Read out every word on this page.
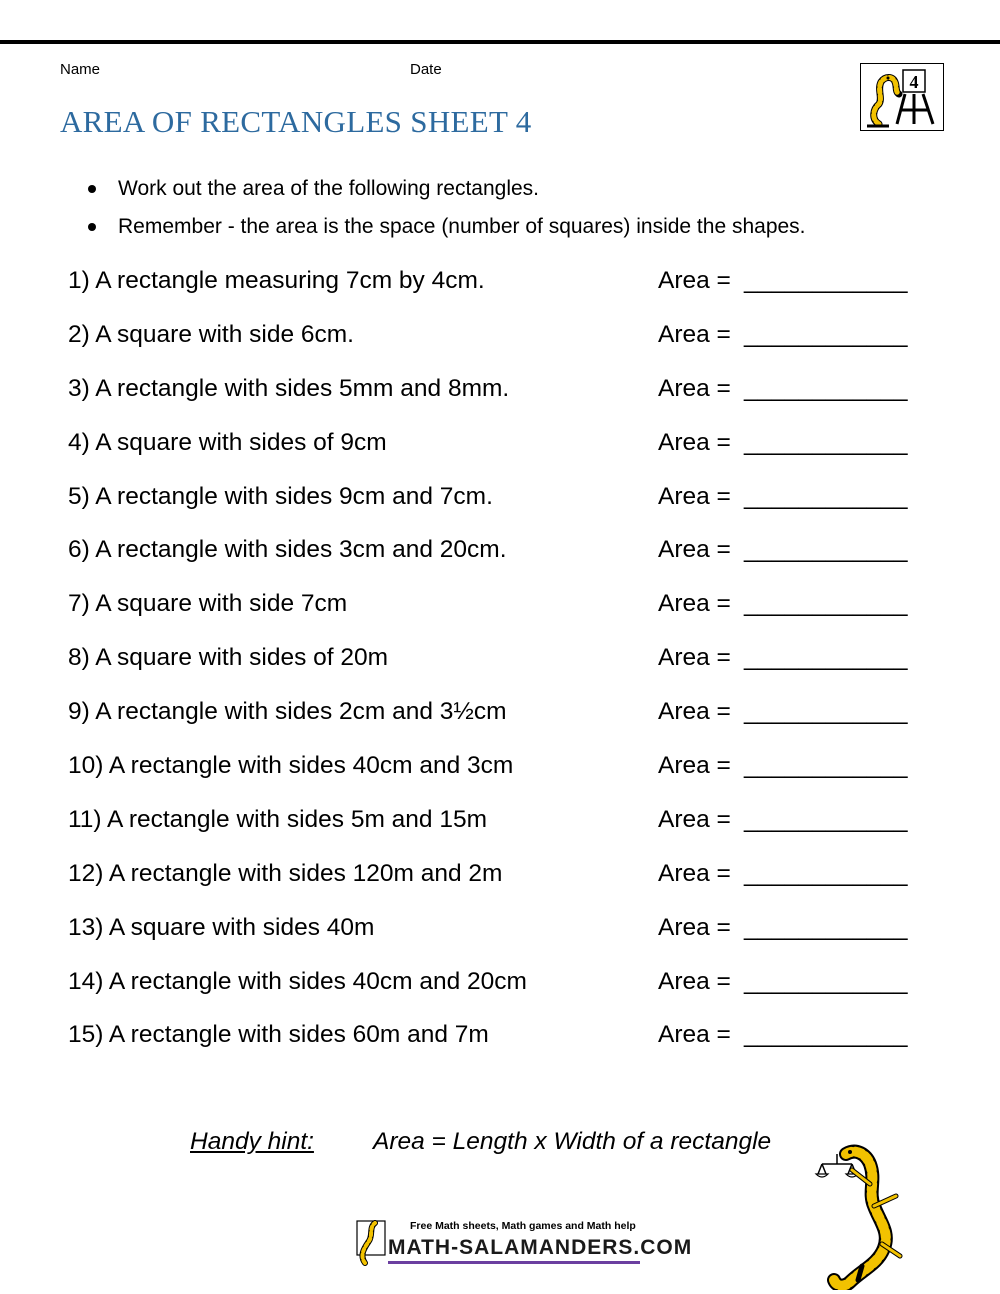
Name	Date
AREA OF RECTANGLES SHEET 4
4
Work out the area of the following rectangles.
Remember - the area is the space (number of squares) inside the shapes.
1) A rectangle measuring 7cm by 4cm.	Area = ____________
2) A square with side 6cm.	Area = ____________
3) A rectangle with sides 5mm and 8mm.	Area = ____________
4) A square with sides of 9cm	Area = ____________
5) A rectangle with sides 9cm and 7cm.	Area = ____________
6) A rectangle with sides 3cm and 20cm.	Area = ____________
7) A square with side 7cm	Area = ____________
8) A square with sides of 20m	Area = ____________
9) A rectangle with sides 2cm and 3½cm	Area = ____________
10) A rectangle with sides 40cm and 3cm	Area = ____________
11) A rectangle with sides 5m and 15m	Area = ____________
12) A rectangle with sides 120m and 2m	Area = ____________
13) A square with sides 40m	Area = ____________
14) A rectangle with sides 40cm and 20cm	Area = ____________
15) A rectangle with sides 60m and 7m	Area = ____________
Handy hint: Area = Length x Width of a rectangle
Free Math sheets, Math games and Math help
MATH-SALAMANDERS.COM
